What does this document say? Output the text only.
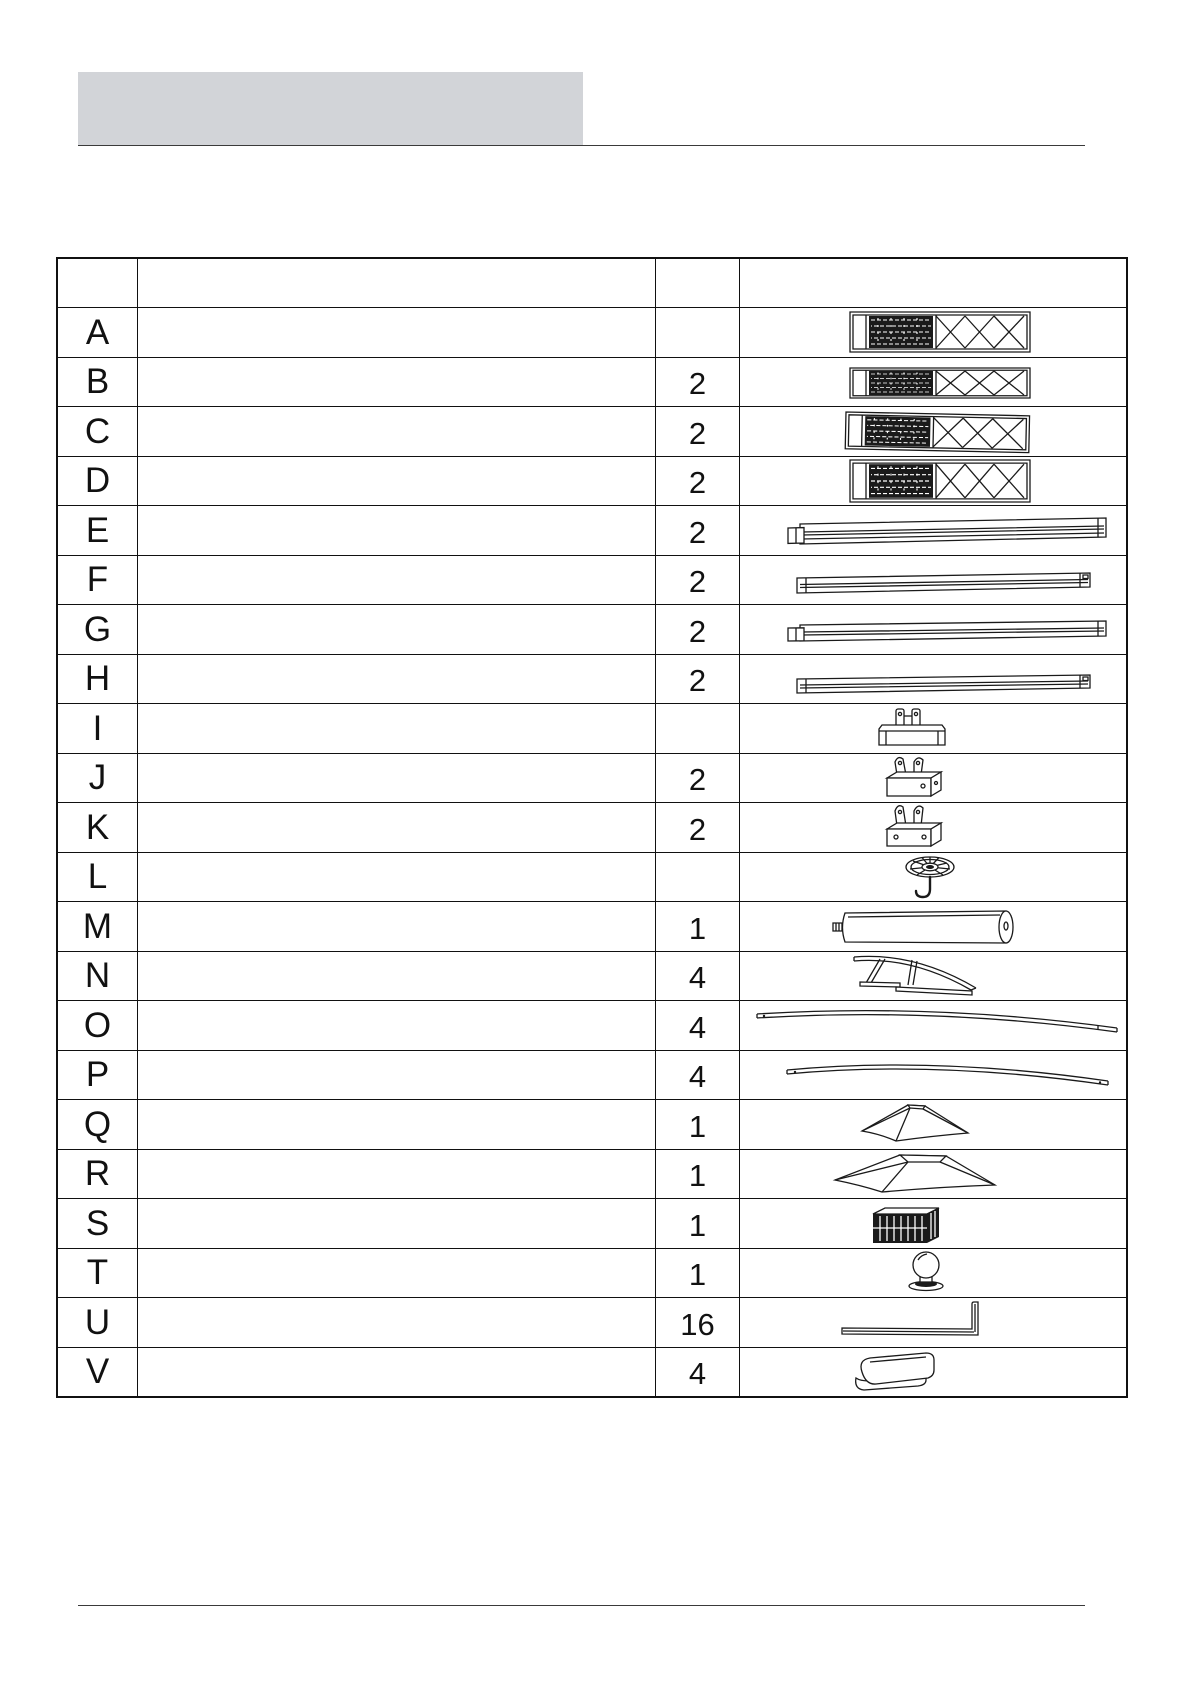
A
B	2
C	2
D	2
E	2
F	2
G	2
H	2
I
J	2
K	2
L
M	1
N	4
O	4
P	4
Q	1
R	1
S	1
T	1
U	16
V	4
